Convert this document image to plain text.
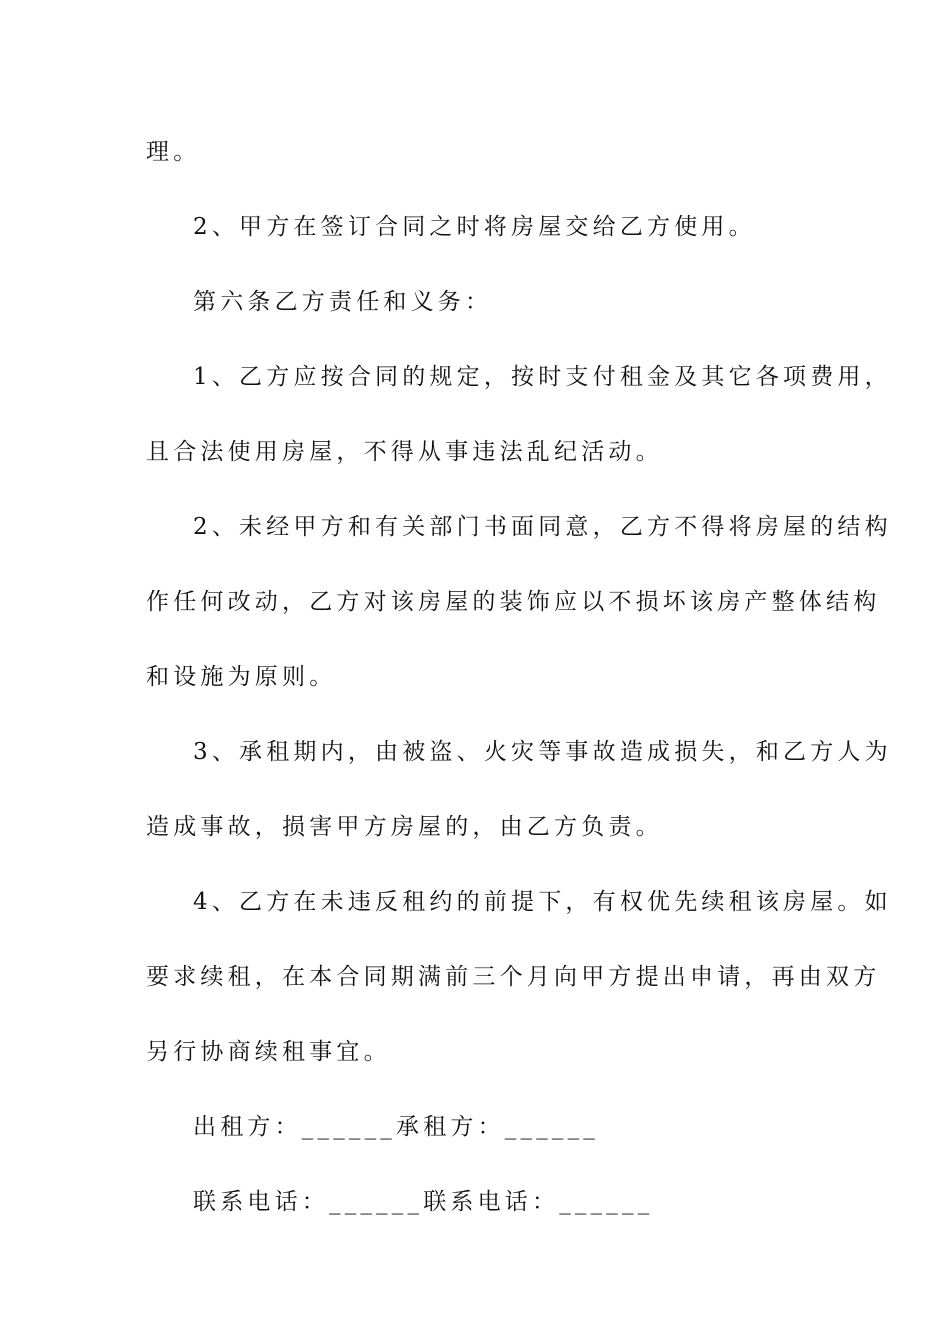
理。
2、甲方在签订合同之时将房屋交给乙方使用。
第六条乙方责任和义务：
1、乙方应按合同的规定，按时支付租金及其它各项费用，
且合法使用房屋，不得从事违法乱纪活动。
2、未经甲方和有关部门书面同意，乙方不得将房屋的结构
作任何改动，乙方对该房屋的装饰应以不损坏该房产整体结构
和设施为原则。
3、承租期内，由被盗、火灾等事故造成损失，和乙方人为
造成事故，损害甲方房屋的，由乙方负责。
4、乙方在未违反租约的前提下，有权优先续租该房屋。如
要求续租，在本合同期满前三个月向甲方提出申请，再由双方
另行协商续租事宜。
出租方：______承租方：______
联系电话：______联系电话：______
